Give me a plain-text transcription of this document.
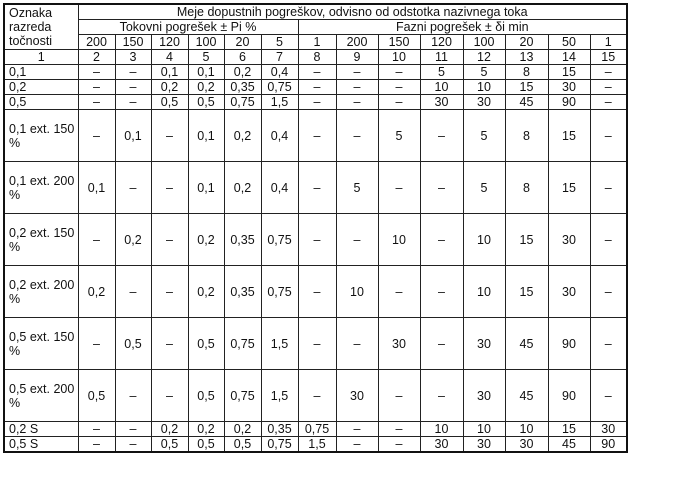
Oznaka razreda točnosti	Meje dopustnih pogreškov, odvisno od odstotka nazivnega toka													
	Tokovni pogrešek ± Pi %						Fazni pogrešek ± δi min							
	200	150	120	100	20	5	1	200	150	120	100	20	50	1
1	2	3	4	5	6	7	8	9	10	11	12	13	14	15
0,1	–	–	0,1	0,1	0,2	0,4	–	–	–	5	5	8	15	–
0,2	–	–	0,2	0,2	0,35	0,75	–	–	–	10	10	15	30	–
0,5	–	–	0,5	0,5	0,75	1,5	–	–	–	30	30	45	90	–
0,1 ext. 150 %	–	0,1	–	0,1	0,2	0,4	–	–	5	–	5	8	15	–
0,1 ext. 200 %	0,1	–	–	0,1	0,2	0,4	–	5	–	–	5	8	15	–
0,2 ext. 150 %	–	0,2	–	0,2	0,35	0,75	–	–	10	–	10	15	30	–
0,2 ext. 200 %	0,2	–	–	0,2	0,35	0,75	–	10	–	–	10	15	30	–
0,5 ext. 150 %	–	0,5	–	0,5	0,75	1,5	–	–	30	–	30	45	90	–
0,5 ext. 200 %	0,5	–	–	0,5	0,75	1,5	–	30	–	–	30	45	90	–
0,2 S	–	–	0,2	0,2	0,2	0,35	0,75	–	–	10	10	10	15	30
0,5 S	–	–	0,5	0,5	0,5	0,75	1,5	–	–	30	30	30	45	90
